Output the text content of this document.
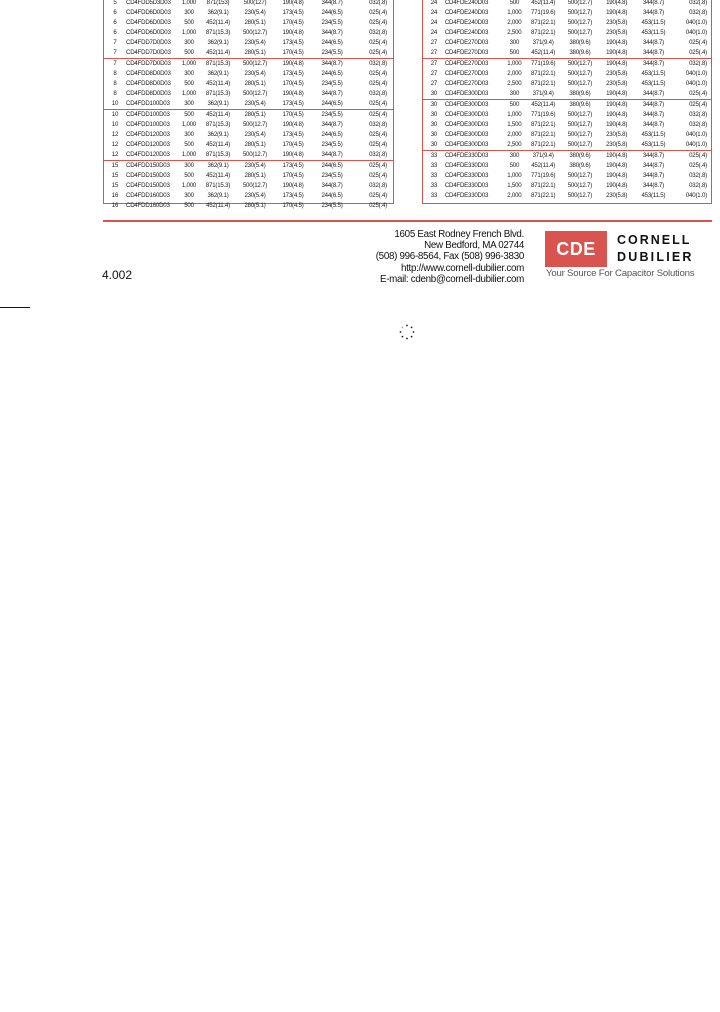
5	CD4FDD5D3D03	1,000	871(153)	500(127)	190(4.8)	344(8.7)	032(.8)
6	CD4FDD6D0D03	300	362(9.1)	230(5.4)	173(4.5)	244(6.5)	025(.4)
6	CD4FDD6D0D03	500	452(11.4)	280(5.1)	170(4.5)	234(5.5)	025(.4)
6	CD4FDD6D0D03	1,000	871(15.3)	500(12.7)	190(4.8)	344(8.7)	032(.8)
7	CD4FDD7D0D03	300	362(9.1)	230(5.4)	173(4.5)	244(6.5)	025(.4)
7	CD4FDD7D0D03	500	452(11.4)	280(5.1)	170(4.5)	234(5.5)	025(.4)
7	CD4FDD7D0D03	1,000	871(15.3)	500(12.7)	190(4.8)	344(8.7)	032(.8)
8	CD4FDD8D0D03	300	362(9.1)	230(5.4)	173(4.5)	244(6.5)	025(.4)
8	CD4FDD8D0D03	500	452(11.4)	280(5.1)	170(4.5)	234(5.5)	025(.4)
8	CD4FDD8D0D03	1,000	871(15.3)	500(12.7)	190(4.8)	344(8.7)	032(.8)
10	CD4FDD100D03	300	362(9.1)	230(5.4)	173(4.5)	244(6.5)	025(.4)
10	CD4FDD100D03	500	452(11.4)	280(5.1)	170(4.5)	234(5.5)	025(.4)
10	CD4FDD100D03	1,000	871(15.3)	500(12.7)	190(4.8)	344(8.7)	032(.8)
12	CD4FDD120D03	300	362(9.1)	230(5.4)	173(4.5)	244(6.5)	025(.4)
12	CD4FDD120D03	500	452(11.4)	280(5.1)	170(4.5)	234(5.5)	025(.4)
12	CD4FDD120D03	1,000	871(15.3)	500(12.7)	190(4.8)	344(8.7)	032(.8)
15	CD4FDD150D03	300	362(9.1)	230(5.4)	173(4.5)	244(6.5)	025(.4)
15	CD4FDD150D03	500	452(11.4)	280(5.1)	170(4.5)	234(5.5)	025(.4)
15	CD4FDD150D03	1,000	871(15.3)	500(12.7)	190(4.8)	344(8.7)	032(.8)
16	CD4FDD160D03	300	362(9.1)	230(5.4)	173(4.5)	244(6.5)	025(.4)
16	CD4FDD160D03	500	452(11.4)	280(5.1)	170(4.5)	234(5.5)	025(.4)
24	CD4FDE240D03	500	452(11.4)	500(12.7)	190(4.8)	344(8.7)	032(.8)
24	CD4FDE240D03	1,000	771(19.6)	500(12.7)	190(4.8)	344(8.7)	032(.8)
24	CD4FDE240D03	2,000	871(22.1)	500(12.7)	230(5.8)	453(11.5)	040(1.0)
24	CD4FDE240D03	2,500	871(22.1)	500(12.7)	230(5.8)	453(11.5)	040(1.0)
27	CD4FDE270D03	300	371(9.4)	380(9.6)	190(4.8)	344(8.7)	025(.4)
27	CD4FDE270D03	500	452(11.4)	380(9.6)	190(4.8)	344(8.7)	025(.4)
27	CD4FDE270D03	1,000	771(19.6)	500(12.7)	190(4.8)	344(8.7)	032(.8)
27	CD4FDE270D03	2,000	871(22.1)	500(12.7)	230(5.8)	453(11.5)	040(1.0)
27	CD4FDE270D03	2,500	871(22.1)	500(12.7)	230(5.8)	453(11.5)	040(1.0)
30	CD4FDE300D03	300	371(9.4)	380(9.6)	190(4.8)	344(8.7)	025(.4)
30	CD4FDE300D03	500	452(11.4)	380(9.6)	190(4.8)	344(8.7)	025(.4)
30	CD4FDE300D03	1,000	771(19.6)	500(12.7)	190(4.8)	344(8.7)	032(.8)
30	CD4FDE300D03	1,500	871(22.1)	500(12.7)	190(4.8)	344(8.7)	032(.8)
30	CD4FDE300D03	2,000	871(22.1)	500(12.7)	230(5.8)	453(11.5)	040(1.0)
30	CD4FDE300D03	2,500	871(22.1)	500(12.7)	230(5.8)	453(11.5)	040(1.0)
33	CD4FDE330D03	300	371(9.4)	380(9.6)	190(4.8)	344(8.7)	025(.4)
33	CD4FDE330D03	500	452(11.4)	380(9.6)	190(4.8)	344(8.7)	025(.4)
33	CD4FDE330D03	1,000	771(19.6)	500(12.7)	190(4.8)	344(8.7)	032(.8)
33	CD4FDE330D03	1,500	871(22.1)	500(12.7)	190(4.8)	344(8.7)	032(.8)
33	CD4FDE330D03	2,000	871(22.1)	500(12.7)	230(5.8)	453(11.5)	040(1.0)
4.002
1605 East Rodney French Blvd.
New Bedford, MA 02744
(508) 996-8564, Fax (508) 996-3830
http://www.cornell-dubilier.com
E-mail: cdenb@cornell-dubilier.com
CDE	CORNELL
DUBILIER
Your Source For Capacitor Solutions
